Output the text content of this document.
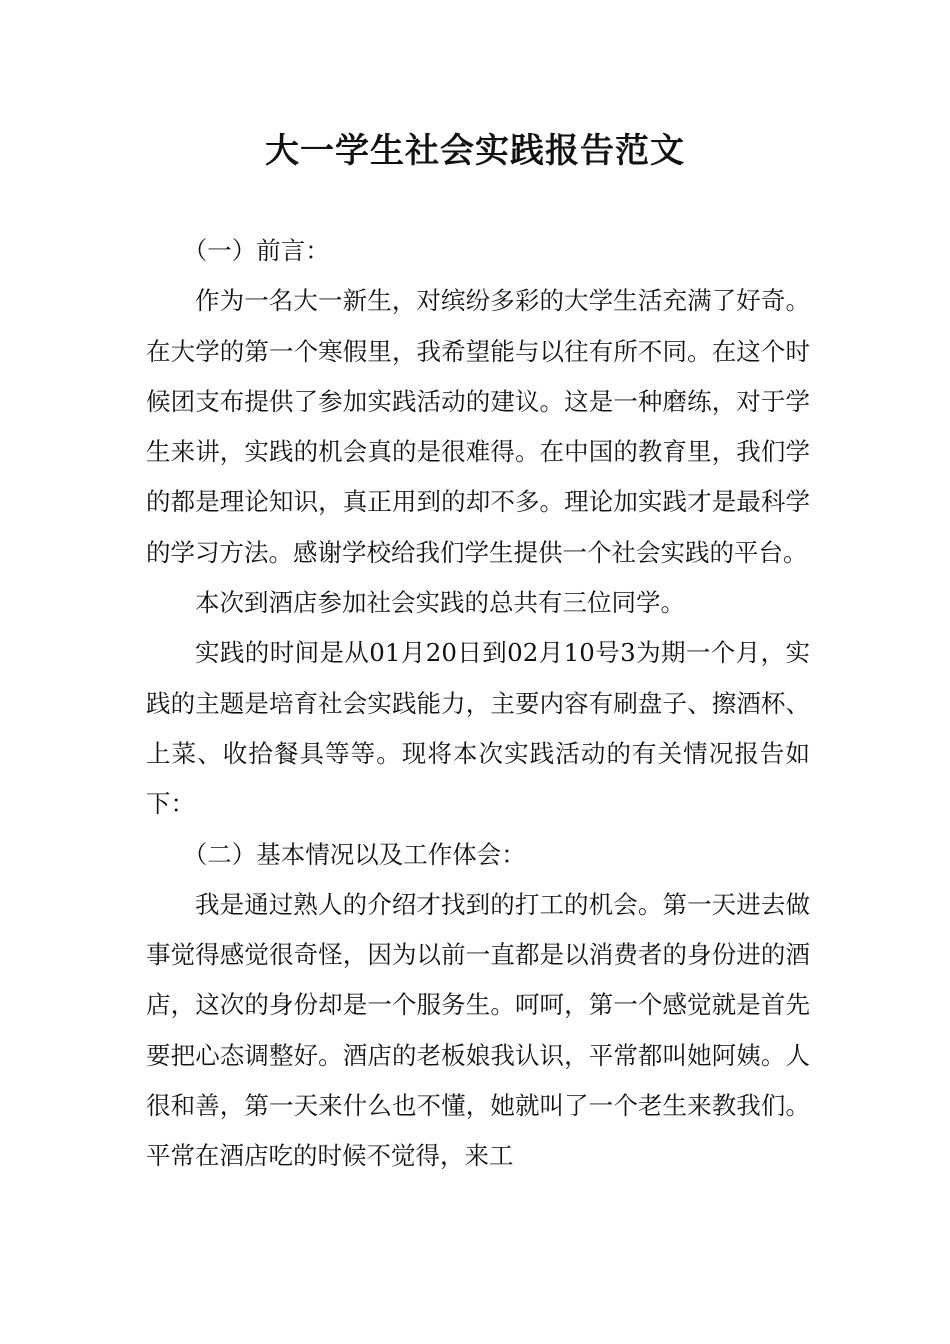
大一学生社会实践报告范文

（一）前言：

作为一名大一新生，对缤纷多彩的大学生活充满了好奇。在大学的第一个寒假里，我希望能与以往有所不同。在这个时候团支布提供了参加实践活动的建议。这是一种磨练，对于学生来讲，实践的机会真的是很难得。在中国的教育里，我们学的都是理论知识，真正用到的却不多。理论加实践才是最科学的学习方法。感谢学校给我们学生提供一个社会实践的平台。

本次到酒店参加社会实践的总共有三位同学。

实践的时间是从01月20日到02月10号3为期一个月，实践的主题是培育社会实践能力，主要内容有刷盘子、擦酒杯、上菜、收拾餐具等等。现将本次实践活动的有关情况报告如下：

（二）基本情况以及工作体会：

我是通过熟人的介绍才找到的打工的机会。第一天进去做事觉得感觉很奇怪，因为以前一直都是以消费者的身份进的酒店，这次的身份却是一个服务生。呵呵，第一个感觉就是首先要把心态调整好。酒店的老板娘我认识，平常都叫她阿姨。人很和善，第一天来什么也不懂，她就叫了一个老生来教我们。平常在酒店吃的时候不觉得，来工
